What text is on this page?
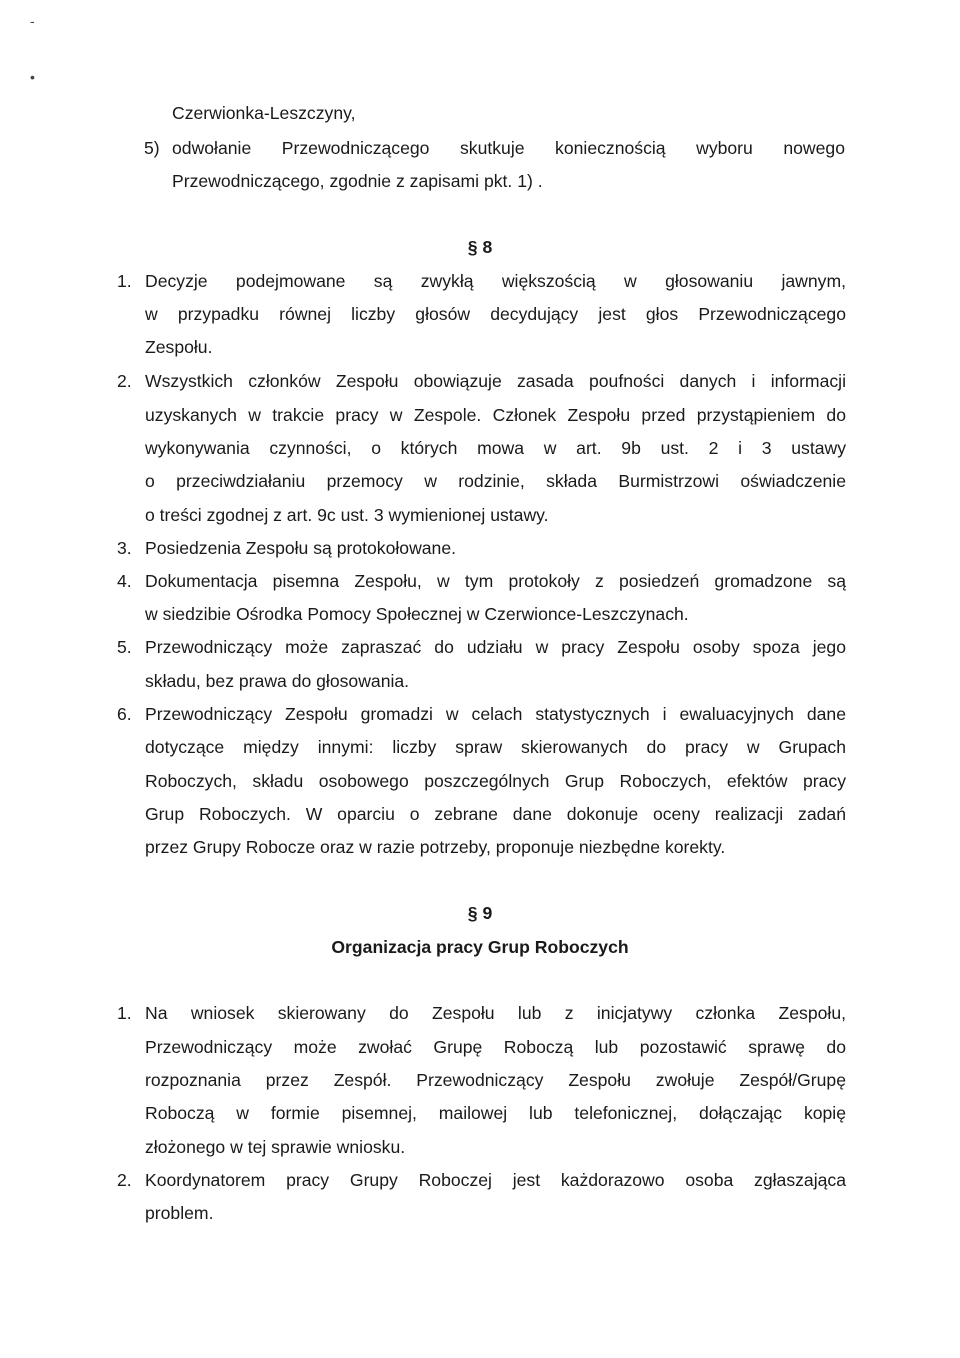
-
•
Czerwionka-Leszczyny,
5) odwołanie Przewodniczącego skutkuje koniecznością wyboru nowego
Przewodniczącego, zgodnie z zapisami pkt. 1) .
§ 8
1. Decyzje podejmowane są zwykłą większością w głosowaniu jawnym,
w przypadku równej liczby głosów decydujący jest głos Przewodniczącego
Zespołu.
2. Wszystkich członków Zespołu obowiązuje zasada poufności danych i informacji
uzyskanych w trakcie pracy w Zespole. Członek Zespołu przed przystąpieniem do
wykonywania czynności, o których mowa w art. 9b ust. 2 i 3 ustawy
o przeciwdziałaniu przemocy w rodzinie, składa Burmistrzowi oświadczenie
o treści zgodnej z art. 9c ust. 3 wymienionej ustawy.
3. Posiedzenia Zespołu są protokołowane.
4. Dokumentacja pisemna Zespołu, w tym protokoły z posiedzeń gromadzone są
w siedzibie Ośrodka Pomocy Społecznej w Czerwionce-Leszczynach.
5. Przewodniczący może zapraszać do udziału w pracy Zespołu osoby spoza jego
składu, bez prawa do głosowania.
6. Przewodniczący Zespołu gromadzi w celach statystycznych i ewaluacyjnych dane
dotyczące między innymi: liczby spraw skierowanych do pracy w Grupach
Roboczych, składu osobowego poszczególnych Grup Roboczych, efektów pracy
Grup Roboczych. W oparciu o zebrane dane dokonuje oceny realizacji zadań
przez Grupy Robocze oraz w razie potrzeby, proponuje niezbędne korekty.
§ 9
Organizacja pracy Grup Roboczych
1. Na wniosek skierowany do Zespołu lub z inicjatywy członka Zespołu,
Przewodniczący może zwołać Grupę Roboczą lub pozostawić sprawę do
rozpoznania przez Zespół. Przewodniczący Zespołu zwołuje Zespół/Grupę
Roboczą w formie pisemnej, mailowej lub telefonicznej, dołączając kopię
złożonego w tej sprawie wniosku.
2. Koordynatorem pracy Grupy Roboczej jest każdorazowo osoba zgłaszająca
problem.
